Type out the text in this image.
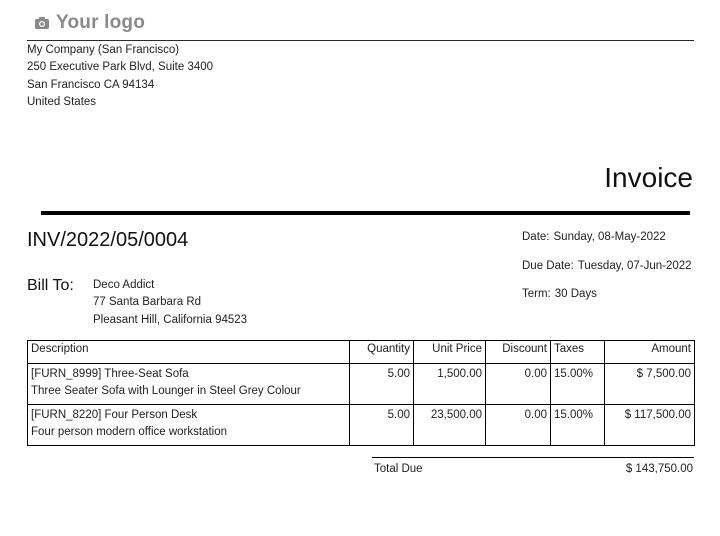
Your logo
My Company (San Francisco)
250 Executive Park Blvd, Suite 3400
San Francisco CA 94134
United States
Invoice
INV/2022/05/0004	Date: Sunday, 08-May-2022
Due Date: Tuesday, 07-Jun-2022
Term: 30 Days
Bill To: Deco Addict
77 Santa Barbara Rd
Pleasant Hill, California 94523
Description	Quantity	Unit Price	Discount	Taxes	Amount

[FURN_8999] Three-Seat Sofa
Three Seater Sofa with Lounger in Steel Grey Colour	5.00	1,500.00	0.00	15.00%	$ 7,500.00

[FURN_8220] Four Person Desk
Four person modern office workstation	5.00	23,500.00	0.00	15.00%	$ 117,500.00
Total Due	$ 143,750.00
